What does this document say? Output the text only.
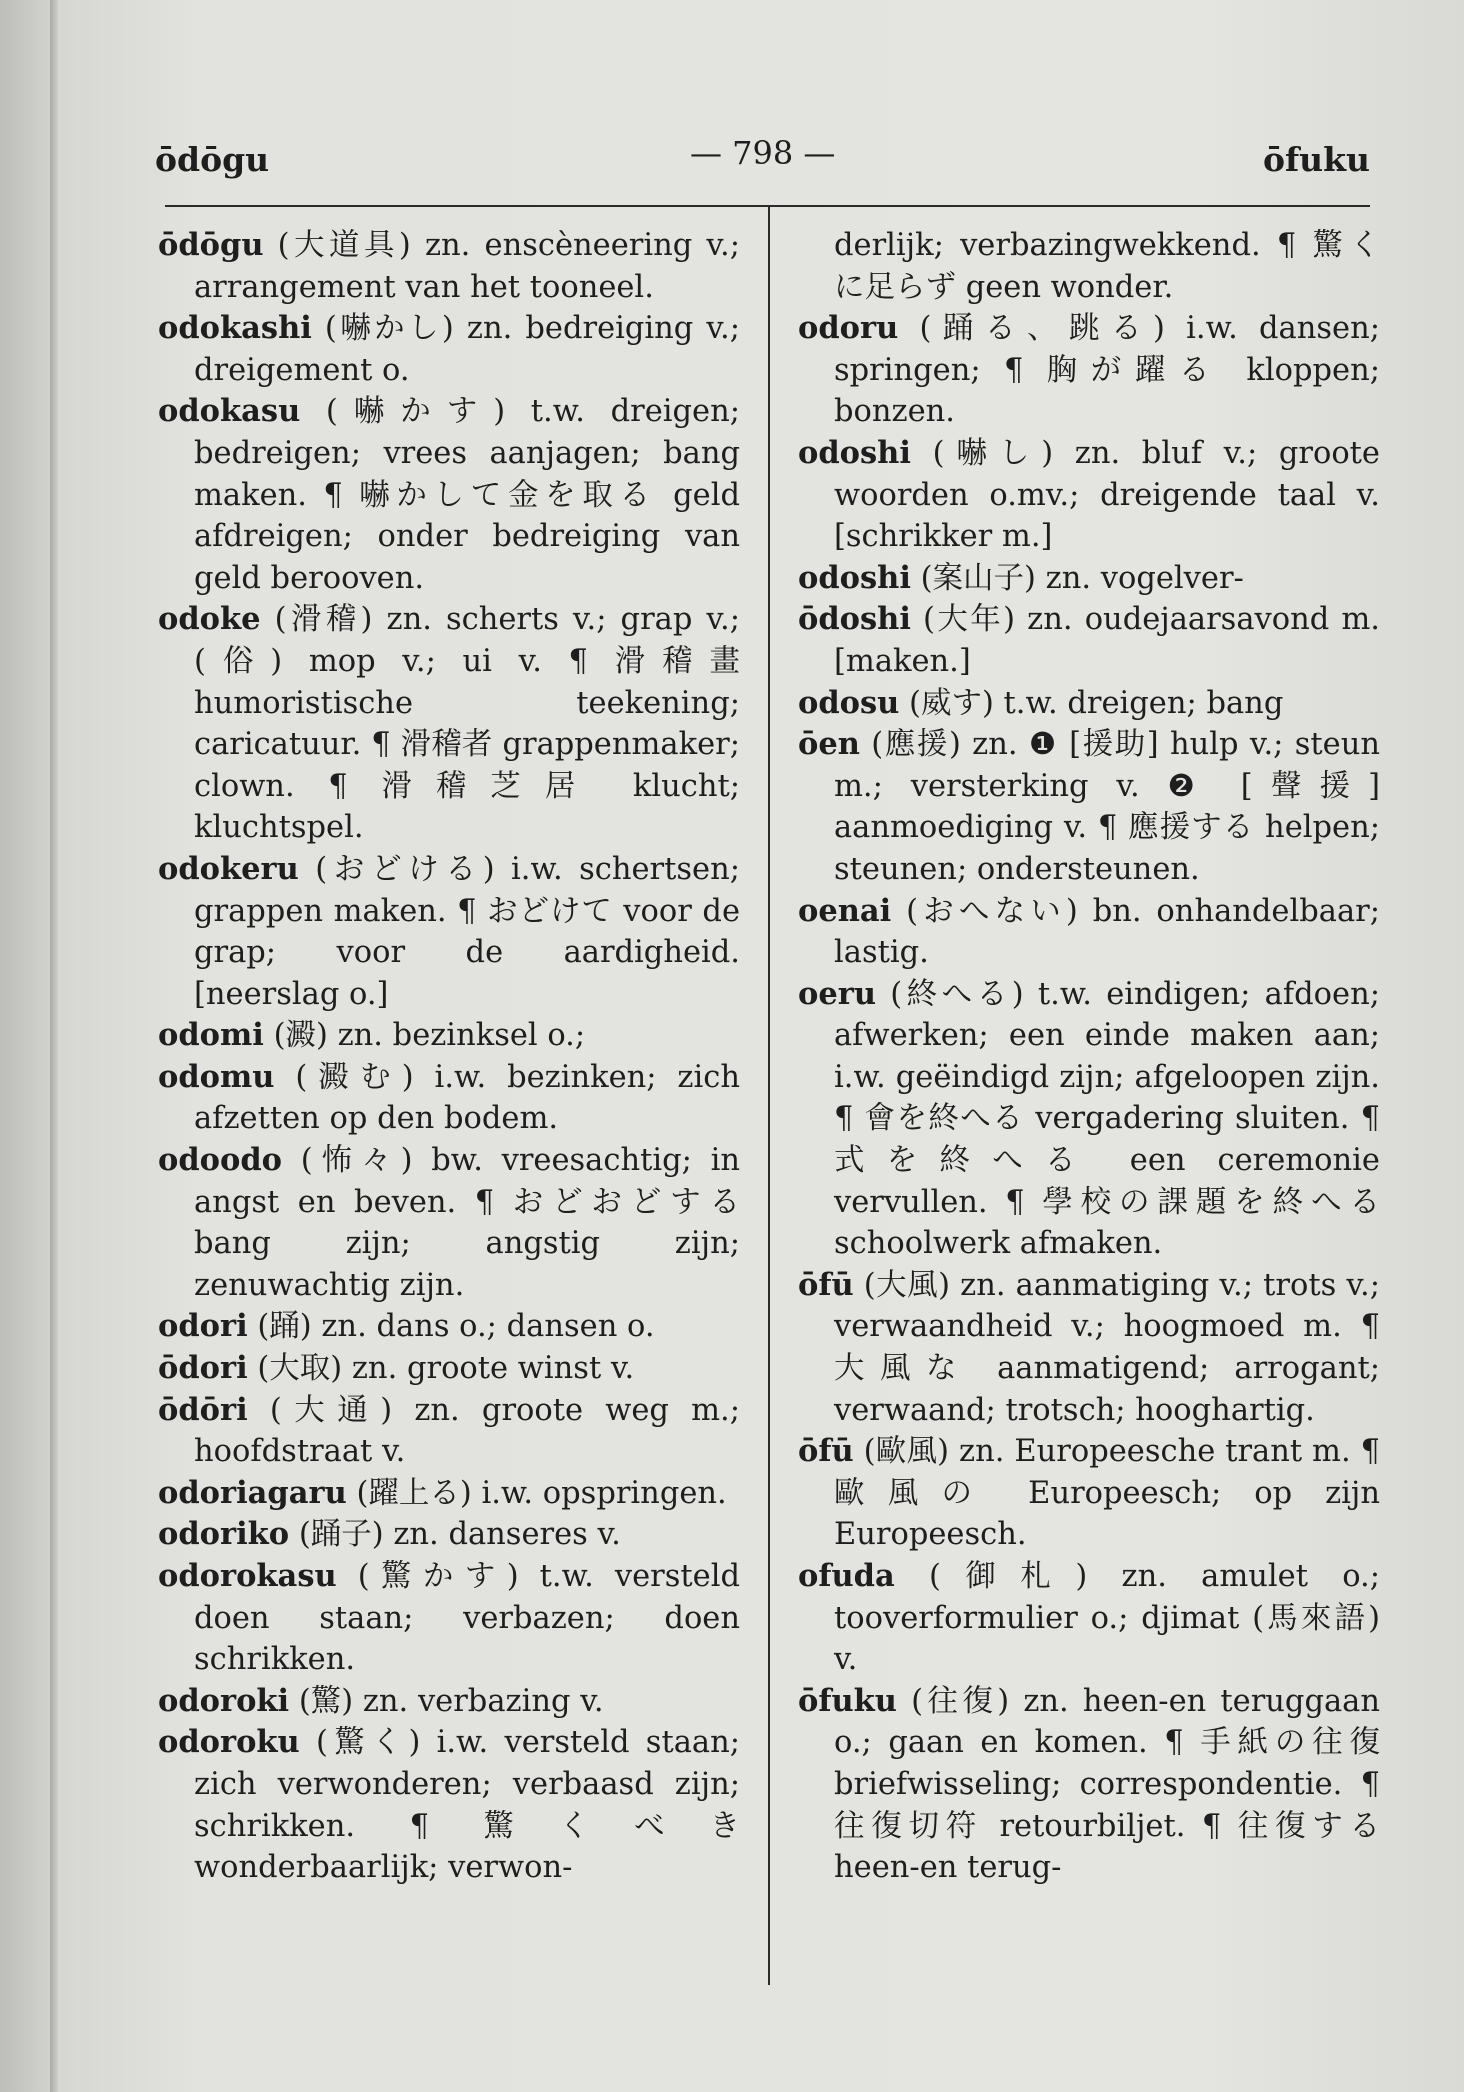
ōdōgu	— 798 —	ōfuku

ōdōgu (大道具) zn. enscèneering v.; arrangement van het tooneel.

odokashi (嚇かし) zn. bedreiging v.; dreigement o.

odokasu (嚇かす) t.w. dreigen; bedreigen; vrees aanjagen; bang maken. ¶ 嚇かして金を取る geld afdreigen; onder bedreiging van geld berooven.

odoke (滑稽) zn. scherts v.; grap v.; (俗) mop v.; ui v. ¶ 滑稽畫 humoristische teekening; caricatuur. ¶ 滑稽者 grappenmaker; clown. ¶ 滑稽芝居 klucht; kluchtspel.

odokeru (おどける) i.w. schertsen; grappen maken. ¶ おどけて voor de grap; voor de aardigheid. [neerslag o.]

odomi (澱) zn. bezinksel o.;

odomu (澱む) i.w. bezinken; zich afzetten op den bodem.

odoodo (怖々) bw. vreesachtig; in angst en beven. ¶ おどおどする bang zijn; angstig zijn; zenuwachtig zijn.

odori (踊) zn. dans o.; dansen o.

ōdori (大取) zn. groote winst v.

ōdōri (大通) zn. groote weg m.; hoofdstraat v.

odoriagaru (躍上る) i.w. opspringen.

odoriko (踊子) zn. danseres v.

odorokasu (驚かす) t.w. versteld doen staan; verbazen; doen schrikken.

odoroki (驚) zn. verbazing v.

odoroku (驚く) i.w. versteld staan; zich verwonderen; verbaasd zijn; schrikken. ¶ 驚くべき wonderbaarlijk; verwon-

derlijk; verbazingwekkend. ¶ 驚くに足らず geen wonder.

odoru (踊る、跳る) i.w. dansen; springen; ¶ 胸が躍る kloppen; bonzen.

odoshi (嚇し) zn. bluf v.; groote woorden o.mv.; dreigende taal v. [schrikker m.]

odoshi (案山子) zn. vogelver-

ōdoshi (大年) zn. oudejaarsavond m. [maken.]

odosu (威す) t.w. dreigen; bang

ōen (應援) zn. ❶ [援助] hulp v.; steun m.; versterking v. ❷ [聲援] aanmoediging v. ¶ 應援する helpen; steunen; ondersteunen.

oenai (おへない) bn. onhandelbaar; lastig.

oeru (終へる) t.w. eindigen; afdoen; afwerken; een einde maken aan; i.w. geëindigd zijn; afgeloopen zijn. ¶ 會を終へる vergadering sluiten. ¶ 式を終へる een ceremonie vervullen. ¶ 學校の課題を終へる schoolwerk afmaken.

ōfū (大風) zn. aanmatiging v.; trots v.; verwaandheid v.; hoogmoed m. ¶ 大風な aanmatigend; arrogant; verwaand; trotsch; hooghartig.

ōfū (歐風) zn. Europeesche trant m. ¶ 歐風の Europeesch; op zijn Europeesch.

ofuda (御札) zn. amulet o.; tooverformulier o.; djimat (馬來語) v.

ōfuku (往復) zn. heen-en teruggaan o.; gaan en komen. ¶ 手紙の往復 briefwisseling; correspondentie. ¶ 往復切符 retourbiljet. ¶ 往復する heen-en terug-
